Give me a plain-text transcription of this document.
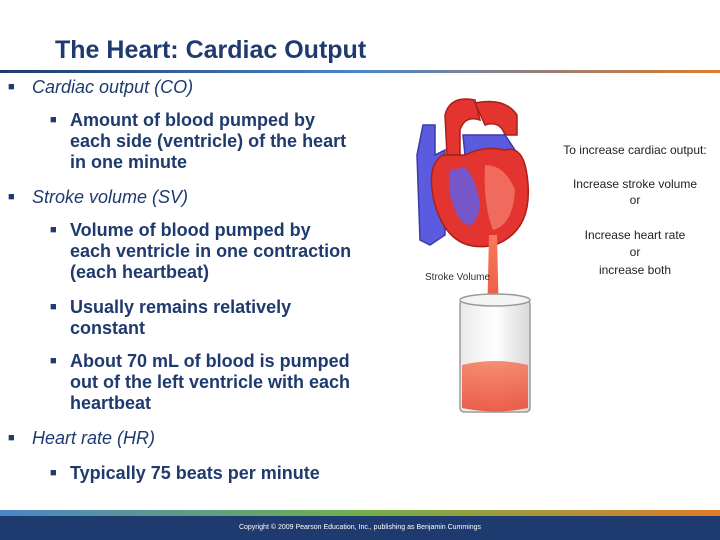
The Heart: Cardiac Output
Cardiac output (CO)
■
■ Amount of blood pumped by
each side (ventricle) of the heart
in one minute
■ Stroke volume (SV)
■ Volume of blood pumped by
each ventricle in one contraction
(each heartbeat)
■ Usually remains relatively
constant
■ About 70 mL of blood is pumped
out of the left ventricle with each
heartbeat
■ Heart rate (HR)
■ Typically 75 beats per minute
Stroke Volume
To increase cardiac output:
Increase stroke volume
or
Increase heart rate
or
increase both
Copyright © 2009 Pearson Education, Inc., publishing as Benjamin Cummings
